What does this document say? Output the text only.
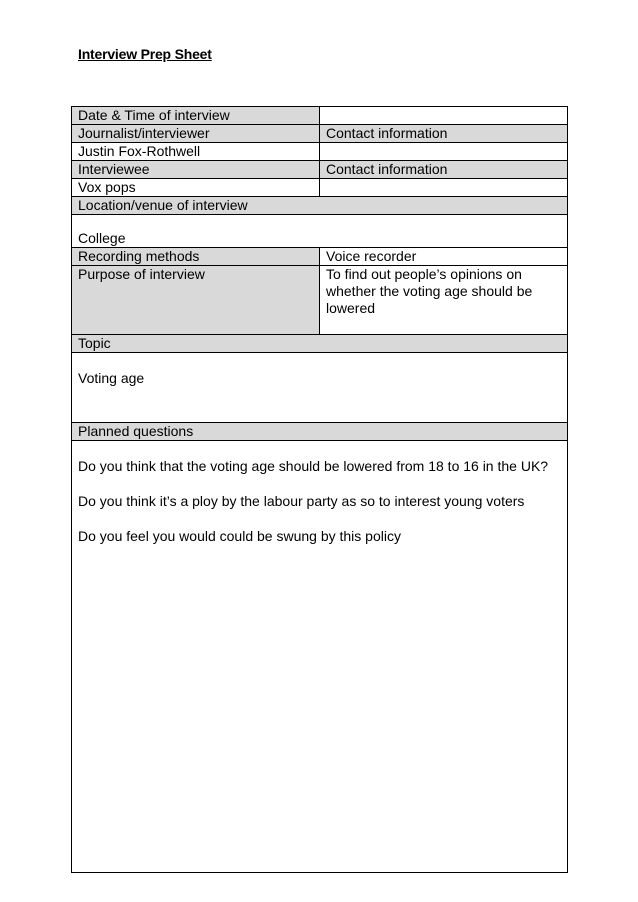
Interview Prep Sheet
Date & Time of interview	
Journalist/interviewer	Contact information
Justin Fox-Rothwell	
Interviewee	Contact information
Vox pops	
Location/venue of interview	
College	
Recording methods	Voice recorder
Purpose of interview	To find out people’s opinions on whether the voting age should be lowered
Topic	
Voting age	
Planned questions	

Do you think that the voting age should be lowered from 18 to 16 in the UK?

Do you think it’s a ploy by the labour party as so to interest young voters

Do you feel you would could be swung by this policy	
